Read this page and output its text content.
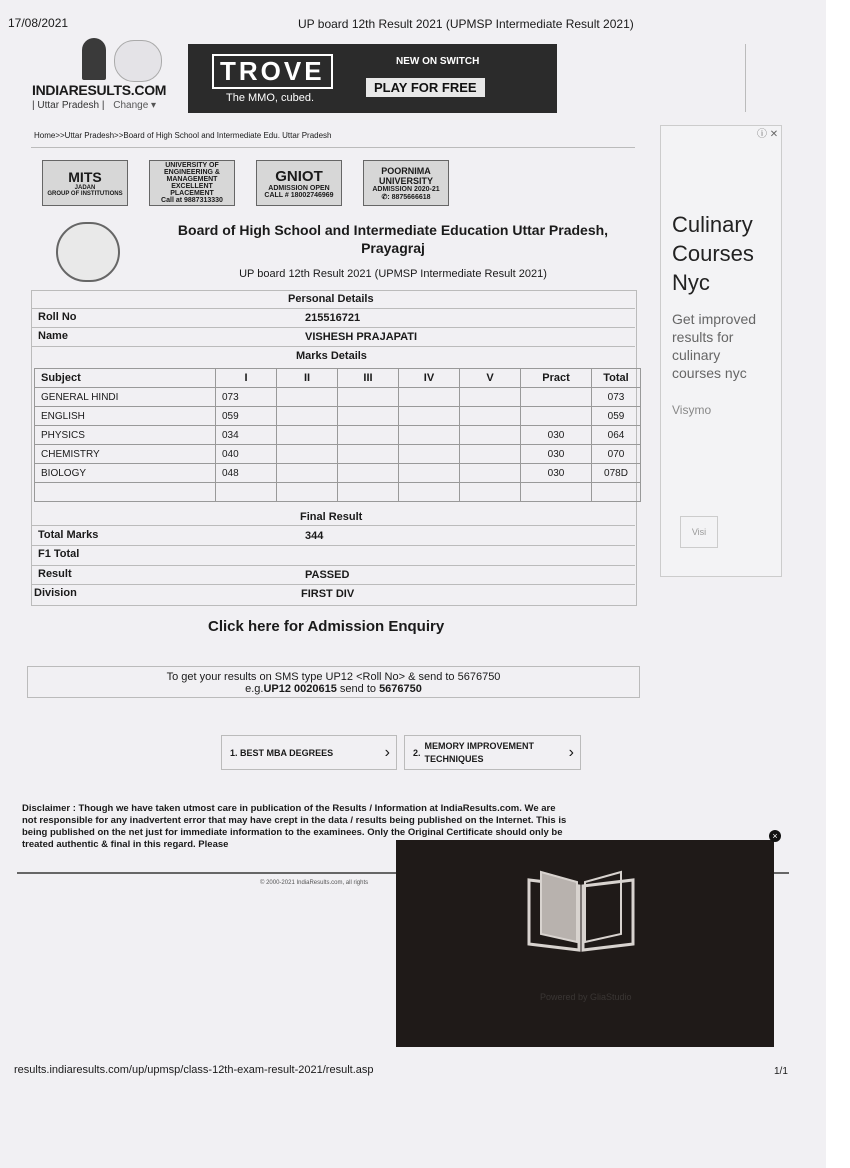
17/08/2021	UP board 12th Result 2021 (UPMSP Intermediate Result 2021)
INDIARESULTS.COM
| Uttar Pradesh | Change ▾
TROVE
The MMO, cubed.
NEW ON SWITCH
PLAY FOR FREE
Home>>Uttar Pradesh>>Board of High School and Intermediate Edu. Uttar Pradesh
MITS
JADAN
GROUP OF INSTITUTIONS
UNIVERSITY OF ENGINEERING & MANAGEMENT
EXCELLENT PLACEMENT
Call at 9887313330
GNIOT
ADMISSION OPEN
CALL # 18002746969
POORNIMA UNIVERSITY
ADMISSION 2020-21
✆: 8875666618
Board of High School and Intermediate Education Uttar Pradesh, Prayagraj
UP board 12th Result 2021 (UPMSP Intermediate Result 2021)
Personal Details
Roll No	215516721
Name	VISHESH PRAJAPATI
Marks Details
Subject	I	II	III	IV	V	Pract	Total
GENERAL HINDI	073						073
ENGLISH	059						059
PHYSICS	034					030	064
CHEMISTRY	040					030	070
BIOLOGY	048					030	078D

Final Result
Total Marks	344
F1 Total
Result	PASSED
Division	FIRST DIV
Click here for Admission Enquiry
To get your results on SMS type UP12 <Roll No> & send to 5676750
e.g.UP12 0020615 send to 5676750
1. BEST MBA DEGREES	›	2.
MEMORY IMPROVEMENT TECHNIQUES	›
Disclaimer : Though we have taken utmost care in publication of the Results / Information at IndiaResults.com. We are not responsible for any inadvertent error that may have crept in the data / results being published on the Internet. This is being published on the net just for immediate information to the examinees. Only the Original Certificate should only be treated authentic & final in this regard. Please
© 2000-2021 IndiaResults.com, all rights
ⓘ ✕
Culinary Courses Nyc
Get improved results for culinary courses nyc
Visymo
Visi
Powered by GliaStudio
×
results.indiaresults.com/up/upmsp/class-12th-exam-result-2021/result.asp	1/1
